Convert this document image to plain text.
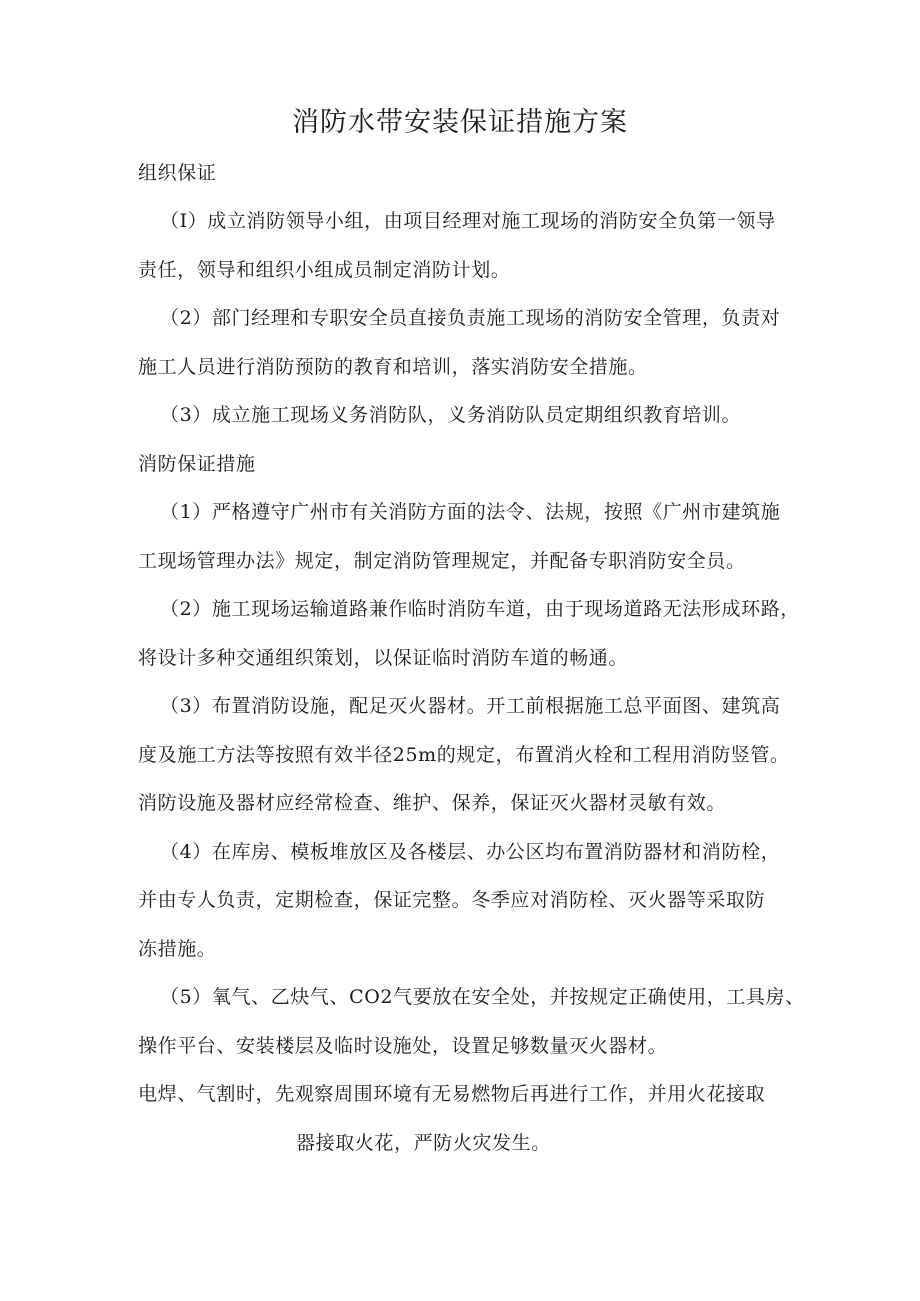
消防水带安装保证措施方案
组织保证
（I）成立消防领导小组，由项目经理对施工现场的消防安全负第一领导
责任，领导和组织小组成员制定消防计划。
（2）部门经理和专职安全员直接负责施工现场的消防安全管理，负责对
施工人员进行消防预防的教育和培训，落实消防安全措施。
（3）成立施工现场义务消防队，义务消防队员定期组织教育培训。
消防保证措施
（1）严格遵守广州市有关消防方面的法令、法规，按照《广州市建筑施
工现场管理办法》规定，制定消防管理规定，并配备专职消防安全员。
（2）施工现场运输道路兼作临时消防车道，由于现场道路无法形成环路，
将设计多种交通组织策划，以保证临时消防车道的畅通。
（3）布置消防设施，配足灭火器材。开工前根据施工总平面图、建筑高
度及施工方法等按照有效半径25m的规定，布置消火栓和工程用消防竖管。
消防设施及器材应经常检查、维护、保养，保证灭火器材灵敏有效。
（4）在库房、模板堆放区及各楼层、办公区均布置消防器材和消防栓，
并由专人负责，定期检查，保证完整。冬季应对消防栓、灭火器等采取防
冻措施。
（5）氧气、乙炔气、CO2气要放在安全处，并按规定正确使用，工具房、
操作平台、安装楼层及临时设施处，设置足够数量灭火器材。
电焊、气割时，先观察周围环境有无易燃物后再进行工作，并用火花接取
器接取火花，严防火灾发生。
